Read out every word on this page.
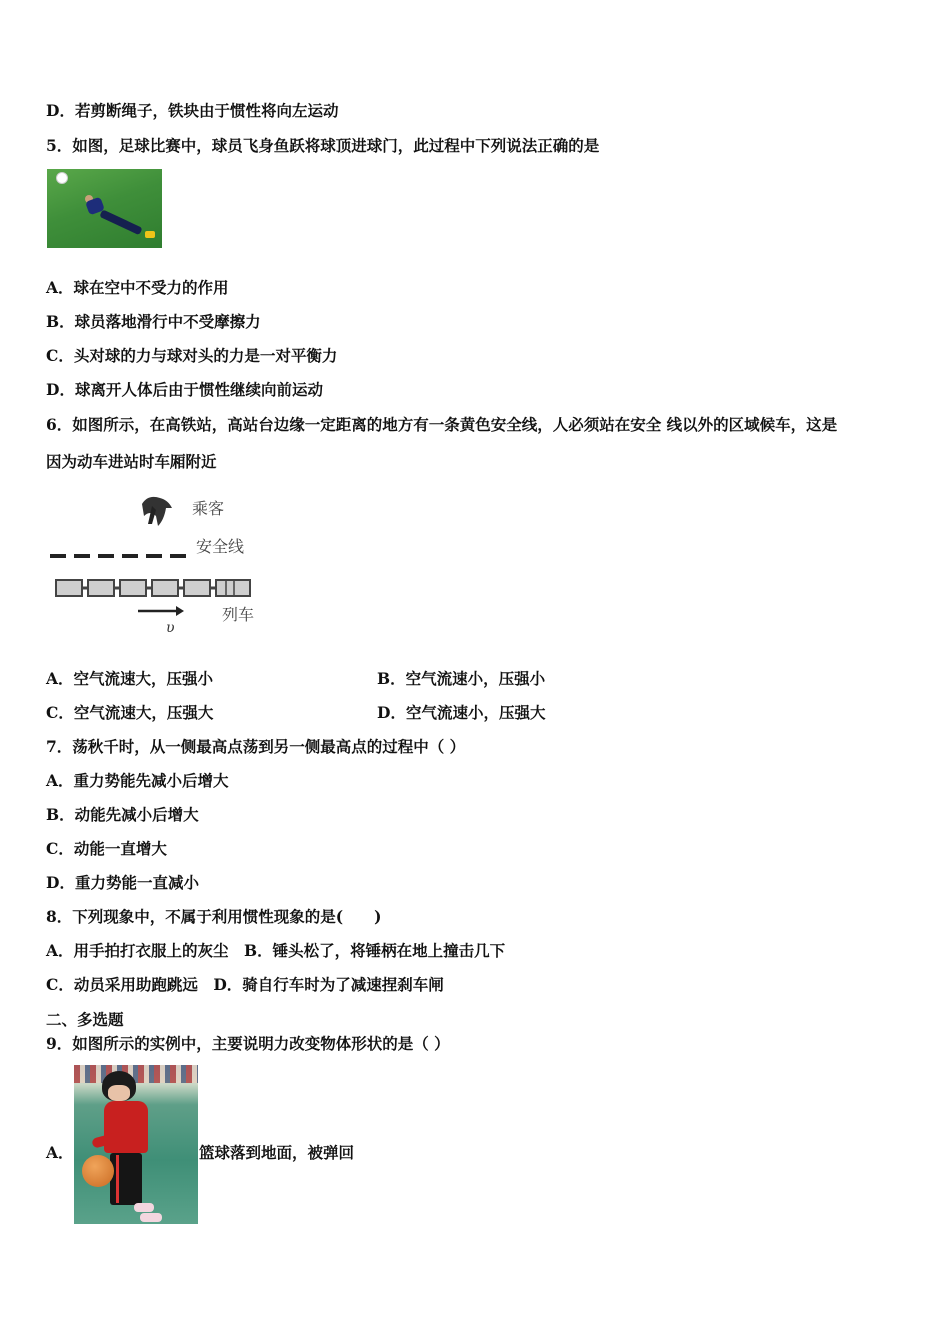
D．若剪断绳子，铁块由于惯性将向左运动
5．如图，足球比赛中，球员飞身鱼跃将球顶进球门，此过程中下列说法正确的是
A．球在空中不受力的作用
B．球员落地滑行中不受摩擦力
C．头对球的力与球对头的力是一对平衡力
D．球离开人体后由于惯性继续向前运动
6．如图所示，在高铁站，高站台边缘一定距离的地方有一条黄色安全线，人必须站在安全 线以外的区域候车，这是
因为动车进站时车厢附近
乘客
安全线
υ
列车
A．空气流速大，压强小	B．空气流速小，压强小
C．空气流速大，压强大	D．空气流速小，压强大
7．荡秋千时，从一侧最高点荡到另一侧最高点的过程中（ ）
A．重力势能先减小后增大
B．动能先减小后增大
C．动能一直增大
D．重力势能一直减小
8．下列现象中，不属于利用惯性现象的是(　　)
A．用手拍打衣服上的灰尘　B．锤头松了，将锤柄在地上撞击几下
C．动员采用助跑跳远　D．骑自行车时为了减速捏刹车闸
二、多选题
9．如图所示的实例中，主要说明力改变物体形状的是（ ）
A．	篮球落到地面，被弹回
